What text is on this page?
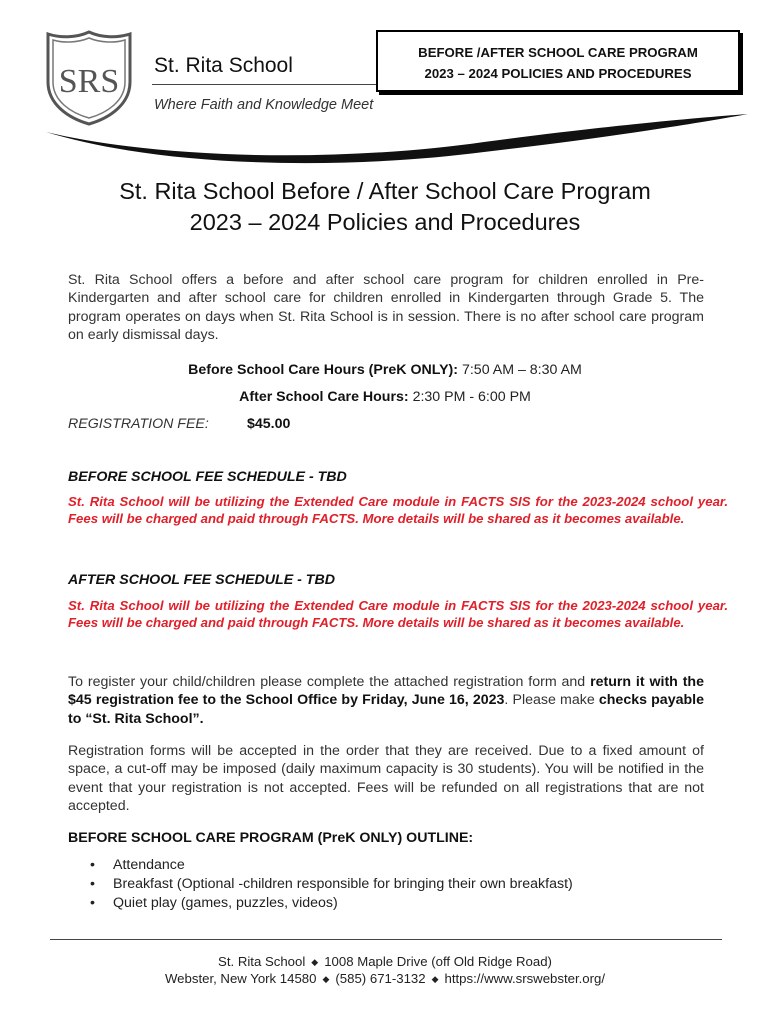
SRS St. Rita School
Where Faith and Knowledge Meet
BEFORE /AFTER SCHOOL CARE PROGRAM
2023 – 2024 POLICIES AND PROCEDURES
St. Rita School Before / After School Care Program
2023 – 2024 Policies and Procedures
St. Rita School offers a before and after school care program for children enrolled in Pre-Kindergarten and after school care for children enrolled in Kindergarten through Grade 5. The program operates on days when St. Rita School is in session. There is no after school care program on early dismissal days.
Before School Care Hours (PreK ONLY): 7:50 AM – 8:30 AM
After School Care Hours: 2:30 PM - 6:00 PM
REGISTRATION FEE:	$45.00
BEFORE SCHOOL FEE SCHEDULE - TBD
St. Rita School will be utilizing the Extended Care module in FACTS SIS for the 2023-2024 school year. Fees will be charged and paid through FACTS. More details will be shared as it becomes available.
AFTER SCHOOL FEE SCHEDULE - TBD
St. Rita School will be utilizing the Extended Care module in FACTS SIS for the 2023-2024 school year. Fees will be charged and paid through FACTS. More details will be shared as it becomes available.
To register your child/children please complete the attached registration form and return it with the $45 registration fee to the School Office by Friday, June 16, 2023. Please make checks payable to “St. Rita School”.
Registration forms will be accepted in the order that they are received. Due to a fixed amount of space, a cut-off may be imposed (daily maximum capacity is 30 students). You will be notified in the event that your registration is not accepted. Fees will be refunded on all registrations that are not accepted.
BEFORE SCHOOL CARE PROGRAM (PreK ONLY) OUTLINE:
• Attendance
• Breakfast (Optional -children responsible for bringing their own breakfast)
• Quiet play (games, puzzles, videos)
St. Rita School ◆ 1008 Maple Drive (off Old Ridge Road)
Webster, New York 14580 ◆ (585) 671-3132 ◆ https://www.srswebster.org/
